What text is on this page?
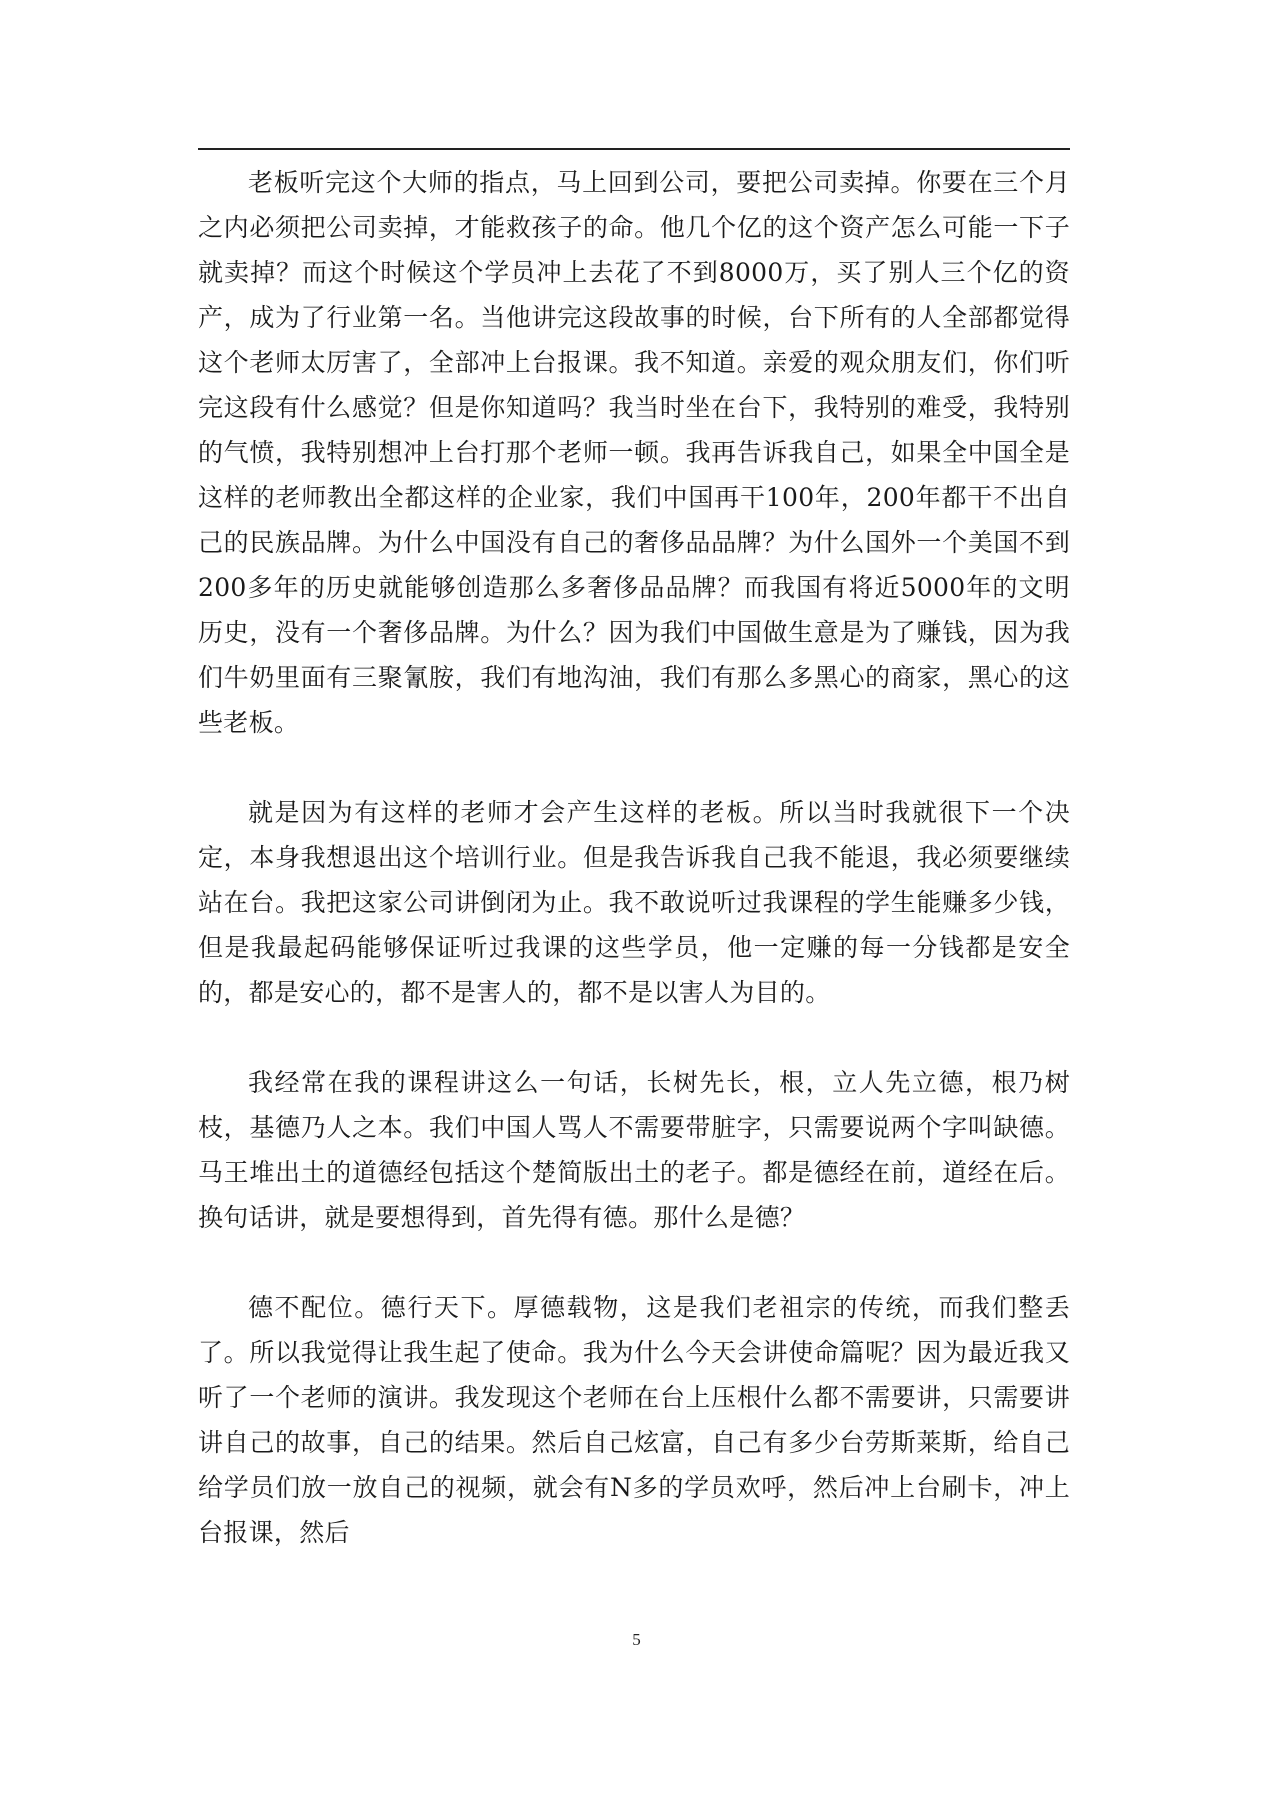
老板听完这个大师的指点，马上回到公司，要把公司卖掉。你要在三个月之内必须把公司卖掉，才能救孩子的命。他几个亿的这个资产怎么可能一下子就卖掉？而这个时候这个学员冲上去花了不到8000万，买了别人三个亿的资产，成为了行业第一名。当他讲完这段故事的时候，台下所有的人全部都觉得这个老师太厉害了，全部冲上台报课。我不知道。亲爱的观众朋友们，你们听完这段有什么感觉？但是你知道吗？我当时坐在台下，我特别的难受，我特别的气愤，我特别想冲上台打那个老师一顿。我再告诉我自己，如果全中国全是这样的老师教出全都这样的企业家，我们中国再干100年，200年都干不出自己的民族品牌。为什么中国没有自己的奢侈品品牌？为什么国外一个美国不到200多年的历史就能够创造那么多奢侈品品牌？而我国有将近5000年的文明历史，没有一个奢侈品牌。为什么？因为我们中国做生意是为了赚钱，因为我们牛奶里面有三聚氰胺，我们有地沟油，我们有那么多黑心的商家，黑心的这些老板。

就是因为有这样的老师才会产生这样的老板。所以当时我就很下一个决定，本身我想退出这个培训行业。但是我告诉我自己我不能退，我必须要继续站在台。我把这家公司讲倒闭为止。我不敢说听过我课程的学生能赚多少钱，但是我最起码能够保证听过我课的这些学员，他一定赚的每一分钱都是安全的，都是安心的，都不是害人的，都不是以害人为目的。

我经常在我的课程讲这么一句话，长树先长，根，立人先立德，根乃树枝，基德乃人之本。我们中国人骂人不需要带脏字，只需要说两个字叫缺德。马王堆出土的道德经包括这个楚简版出土的老子。都是德经在前，道经在后。换句话讲，就是要想得到，首先得有德。那什么是德？

德不配位。德行天下。厚德载物，这是我们老祖宗的传统，而我们整丢了。所以我觉得让我生起了使命。我为什么今天会讲使命篇呢？因为最近我又听了一个老师的演讲。我发现这个老师在台上压根什么都不需要讲，只需要讲讲自己的故事，自己的结果。然后自己炫富，自己有多少台劳斯莱斯，给自己给学员们放一放自己的视频，就会有N多的学员欢呼，然后冲上台刷卡，冲上台报课，然后

5
